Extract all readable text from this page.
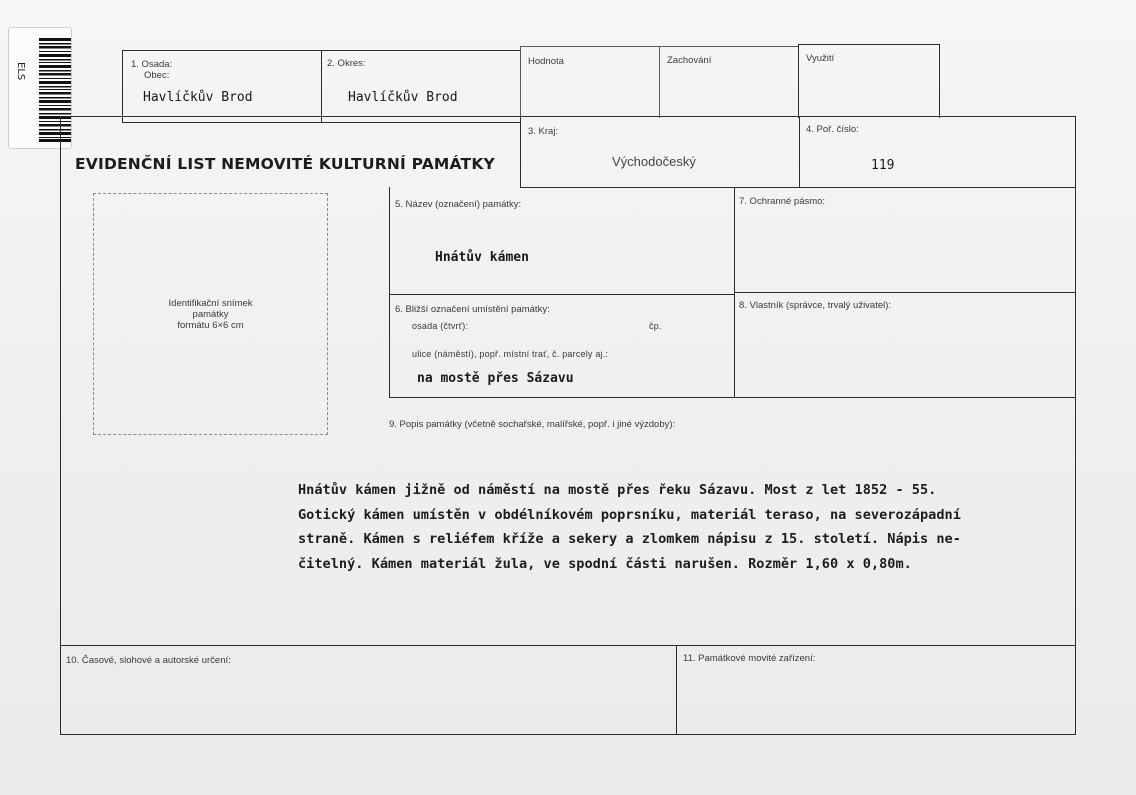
ELS	1. Osada:
Obec:
Havlíčkův Brod
2. Okres:
Havlíčkův Brod
Hodnota	Zachování	Využití
EVIDENČNÍ LIST NEMOVITÉ KULTURNÍ PAMÁTKY
3. Kraj:
Východočeský
4. Poř. číslo:
119
Identifikační snímek
památky
formátu 6×6 cm
5. Název (označení) památky:
Hnátův kámen
7. Ochranné pásmo:
6. Bližší označení umístění památky:
osada (čtvrť):	čp.
ulice (náměstí), popř. místní trať, č. parcely aj.:
na mostě přes Sázavu
8. Vlastník (správce, trvalý uživatel):
9. Popis památky (včetně sochařské, malířské, popř. i jiné výzdoby):
Hnátův kámen jižně od náměstí na mostě přes řeku Sázavu. Most z let 1852 - 55.
Gotický kámen umístěn v obdélníkovém poprsníku, materiál teraso, na severozápadní
straně. Kámen s reliéfem kříže a sekery a zlomkem nápisu z 15. století. Nápis ne-
čitelný. Kámen materiál žula, ve spodní části narušen. Rozměr 1,60 x 0,80m.
10. Časové, slohové a autorské určení:	11. Památkové movité zařízení:
